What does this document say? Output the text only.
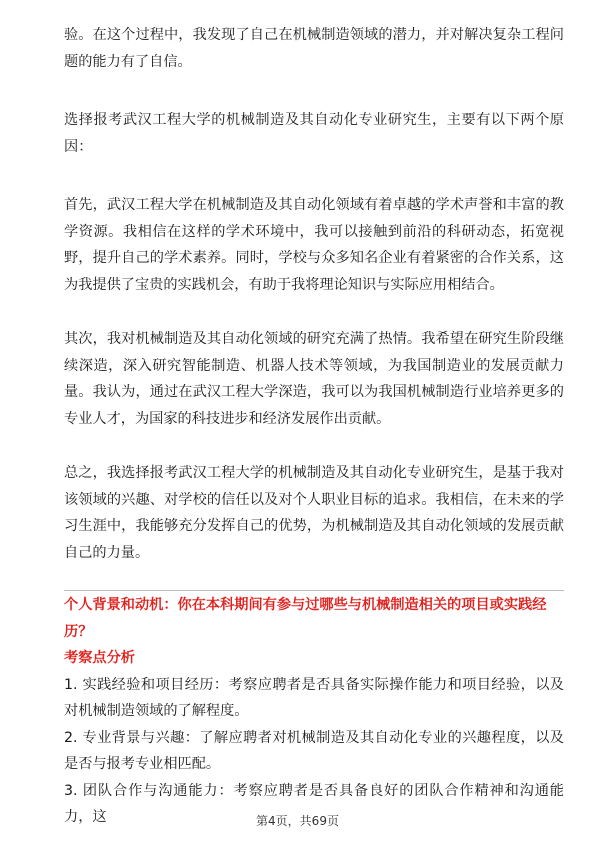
验。在这个过程中，我发现了自己在机械制造领域的潜力，并对解决复杂工程问题的能力有了自信。

选择报考武汉工程大学的机械制造及其自动化专业研究生，主要有以下两个原因：

首先，武汉工程大学在机械制造及其自动化领域有着卓越的学术声誉和丰富的教学资源。我相信在这样的学术环境中，我可以接触到前沿的科研动态，拓宽视野，提升自己的学术素养。同时，学校与众多知名企业有着紧密的合作关系，这为我提供了宝贵的实践机会，有助于我将理论知识与实际应用相结合。

其次，我对机械制造及其自动化领域的研究充满了热情。我希望在研究生阶段继续深造，深入研究智能制造、机器人技术等领域，为我国制造业的发展贡献力量。我认为，通过在武汉工程大学深造，我可以为我国机械制造行业培养更多的专业人才，为国家的科技进步和经济发展作出贡献。

总之，我选择报考武汉工程大学的机械制造及其自动化专业研究生，是基于我对该领域的兴趣、对学校的信任以及对个人职业目标的追求。我相信，在未来的学习生涯中，我能够充分发挥自己的优势，为机械制造及其自动化领域的发展贡献自己的力量。

个人背景和动机：你在本科期间有参与过哪些与机械制造相关的项目或实践经历？

考察点分析

1. 实践经验和项目经历：考察应聘者是否具备实际操作能力和项目经验，以及对机械制造领域的了解程度。

2. 专业背景与兴趣：了解应聘者对机械制造及其自动化专业的兴趣程度，以及是否与报考专业相匹配。

3. 团队合作与沟通能力：考察应聘者是否具备良好的团队合作精神和沟通能力，这	第4页，共69页
